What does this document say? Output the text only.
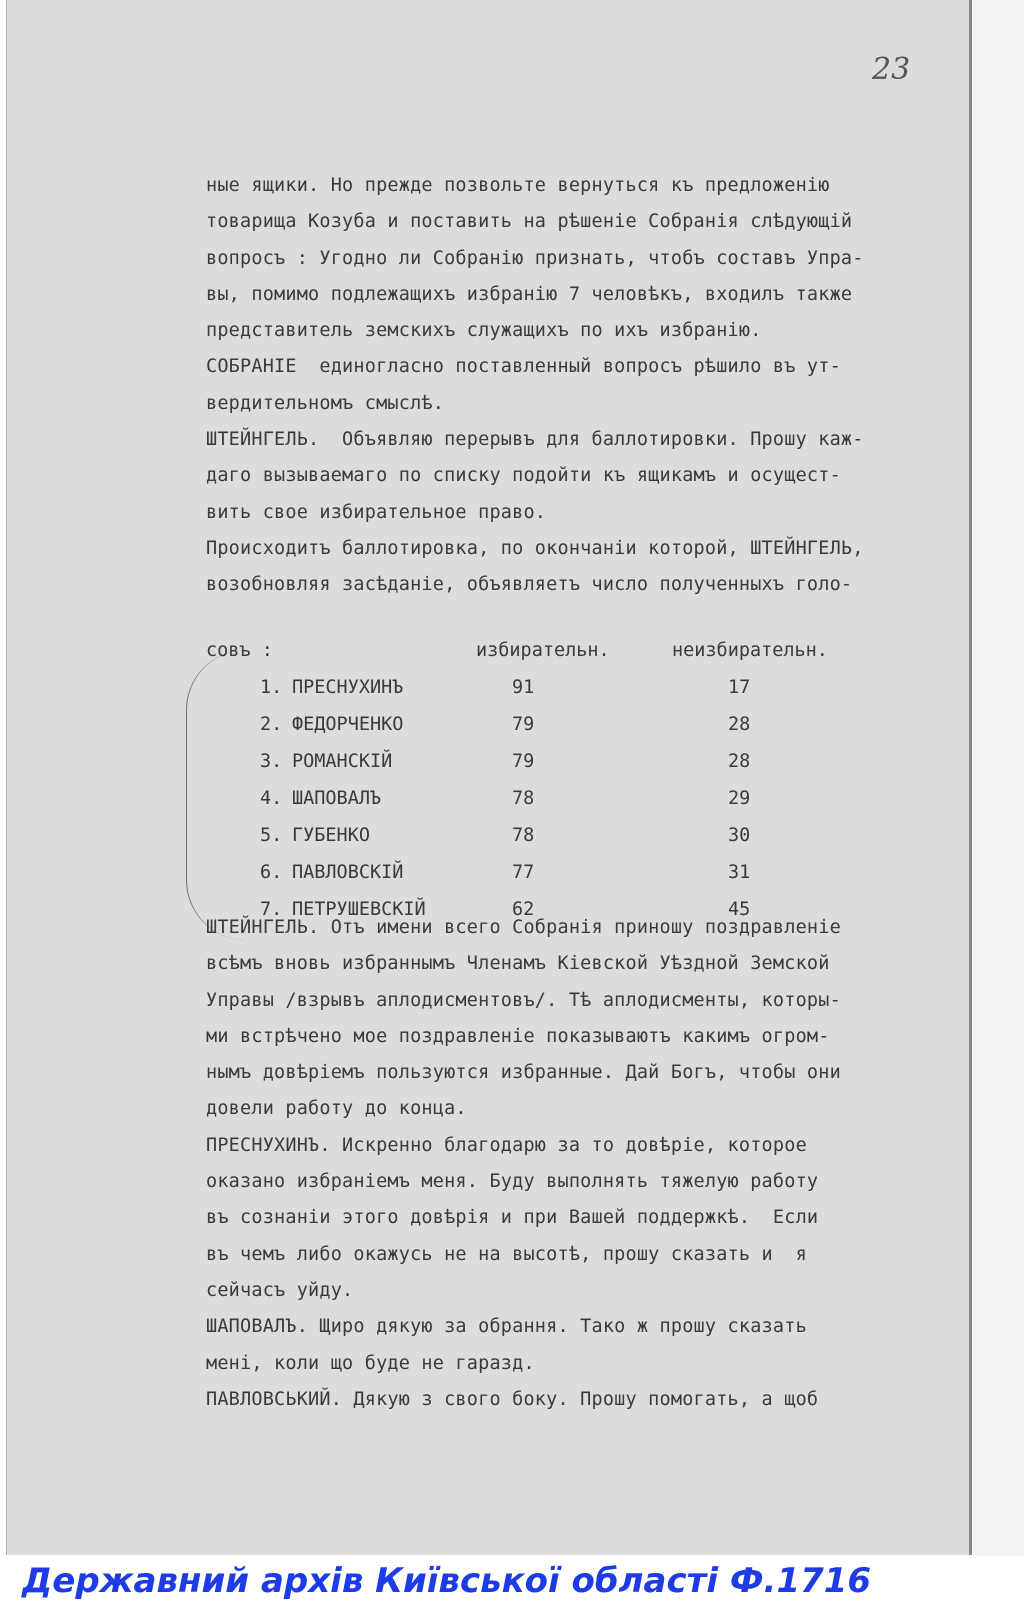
23
ные ящики. Но прежде позвольте вернуться къ предложенію
товарища Козуба и поставить на рѣшеніе Собранія слѣдующій
вопросъ : Угодно ли Собранію признать, чтобъ составъ Упра-
вы, помимо подлежащихъ избранію 7 человѣкъ, входилъ также
представитель земскихъ служащихъ по ихъ избранію.
СОБРАНІЕ  единогласно поставленный вопросъ рѣшило въ ут-
вердительномъ смыслѣ.
ШТЕЙНГЕЛЬ.  Объявляю перерывъ для баллотировки. Прошу каж-
даго вызываемаго по списку подойти къ ящикамъ и осущест-
вить свое избирательное право.
Происходитъ баллотировка, по окончаніи которой, ШТЕЙНГЕЛЬ,
возобновляя засѣданіе, объявляетъ число полученныхъ голо-
совъ :	избирательн.	неизбирательн.
1. ПРЕСНУХИНЪ	91	17
2. ФЕДОРЧЕНКО	79	28
3. РОМАНСКІЙ	79	28
4. ШАПОВАЛЪ	78	29
5. ГУБЕНКО	78	30
6. ПАВЛОВСКІЙ	77	31
7. ПЕТРУШЕВСКІЙ	62	45
ШТЕЙНГЕЛЬ. Отъ имени всего Собранія приношу поздравленіе
всѣмъ вновь избраннымъ Членамъ Кіевской Уѣздной Земской
Управы /взрывъ аплодисментовъ/. Тѣ аплодисменты, которы-
ми встрѣчено мое поздравленіе показываютъ какимъ огром-
нымъ довѣріемъ пользуются избранные. Дай Богъ, чтобы они
довели работу до конца.
ПРЕСНУХИНЪ. Искренно благодарю за то довѣріе, которое
оказано избраніемъ меня. Буду выполнять тяжелую работу
въ сознаніи этого довѣрія и при Вашей поддержкѣ.  Если
въ чемъ либо окажусь не на высотѣ, прошу сказать и  я
сейчасъ уйду.
ШАПОВАЛЪ. Щиро дякую за обрання. Тако ж прошу сказать
менi, коли що буде не гаразд.
ПАВЛОВСЬКИЙ. Дякую з свого боку. Прошу помогать, а щоб
Державний архів Київської області Ф.1716
